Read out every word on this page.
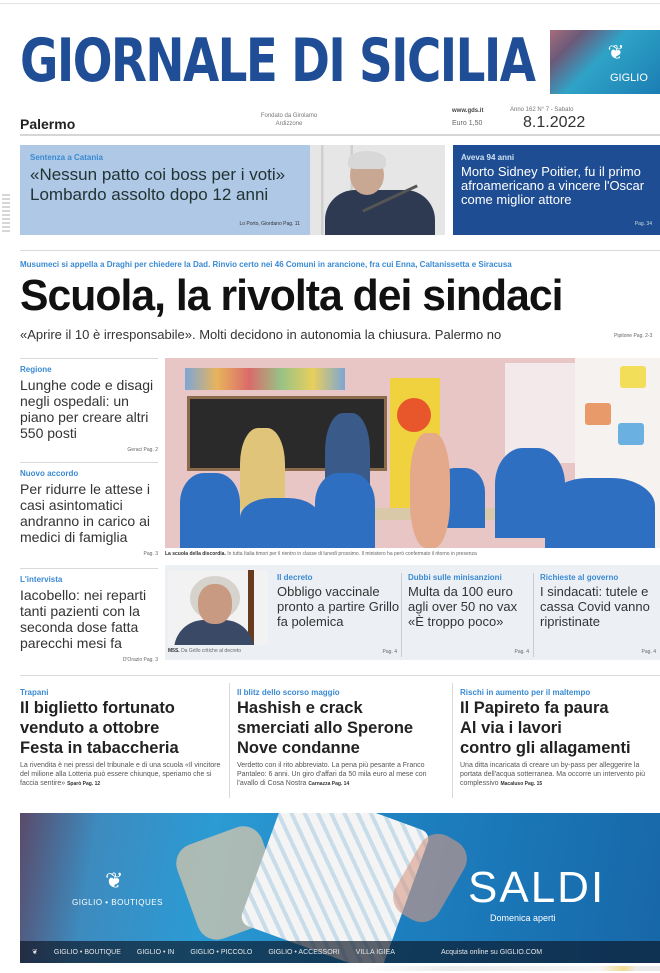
GIORNALE DI SICILIA	❦
GIGLIO
Palermo	Fondato da Girolamo Ardizzone
www.gds.it
Euro 1,50
Anno 162 N° 7 - Sabato
8.1.2022
Sentenza a Catania
«Nessun patto coi boss per i voti»
Lombardo assolto dopo 12 anni
Lo Porto, Giordano Pag. 11
Aveva 94 anni
Morto Sidney Poitier, fu il primo afroamericano a vincere l'Oscar come miglior attore
Pag. 34
Musumeci si appella a Draghi per chiedere la Dad. Rinvio certo nei 46 Comuni in arancione, fra cui Enna, Caltanissetta e Siracusa
Scuola, la rivolta dei sindaci
«Aprire il 10 è irresponsabile». Molti decidono in autonomia la chiusura. Palermo no	Pipitone Pag. 2-3
Regione
Lunghe code e disagi negli ospedali: un piano per creare altri 550 posti
Geraci Pag. 2
Nuovo accordo
Per ridurre le attese i casi asintomatici andranno in carico ai medici di famiglia
Pag. 3
L'intervista
Iacobello: nei reparti tanti pazienti con la seconda dose fatta parecchi mesi fa
D'Orazio Pag. 3
La scuola della discordia. In tutta Italia timori per il rientro in classe di lunedì prossimo. Il ministero ha però confermato il ritorno in presenza
M5S. Da Grillo critiche al decreto
Il decreto
Obbligo vaccinale pronto a partire Grillo fa polemica
Pag. 4
Dubbi sulle minisanzioni
Multa da 100 euro agli over 50 no vax «È troppo poco»
Pag. 4
Richieste al governo
I sindacati: tutele e cassa Covid vanno ripristinate
Pag. 4
Trapani
Il biglietto fortunato
venduto a ottobre
Festa in tabaccheria
La rivendita è nei pressi del tribunale e di una scuola «Il vincitore del milione alla Lotteria può essere chiunque, speriamo che si faccia sentire» Sparò Pag. 12
Il blitz dello scorso maggio
Hashish e crack
smerciati allo Sperone
Nove condanne
Verdetto con il rito abbreviato. La pena più pesante a Franco Pantaleo: 6 anni. Un giro d'affari da 50 mila euro al mese con l'avallo di Cosa Nostra Carnazza Pag. 14
Rischi in aumento per il maltempo
Il Papireto fa paura
Al via i lavori
contro gli allagamenti
Una ditta incaricata di creare un by-pass per alleggerire la portata dell'acqua sotterranea. Ma occorre un intervento più complessivo Macaluso Pag. 15
❦
GIGLIO • BOUTIQUES	SALDI
Domenica aperti
❦ GIGLIO • BOUTIQUE GIGLIO • IN GIGLIO • PICCOLO GIGLIO • ACCESSORI VILLA IGIEA	Acquista online su GIGLIO.COM
